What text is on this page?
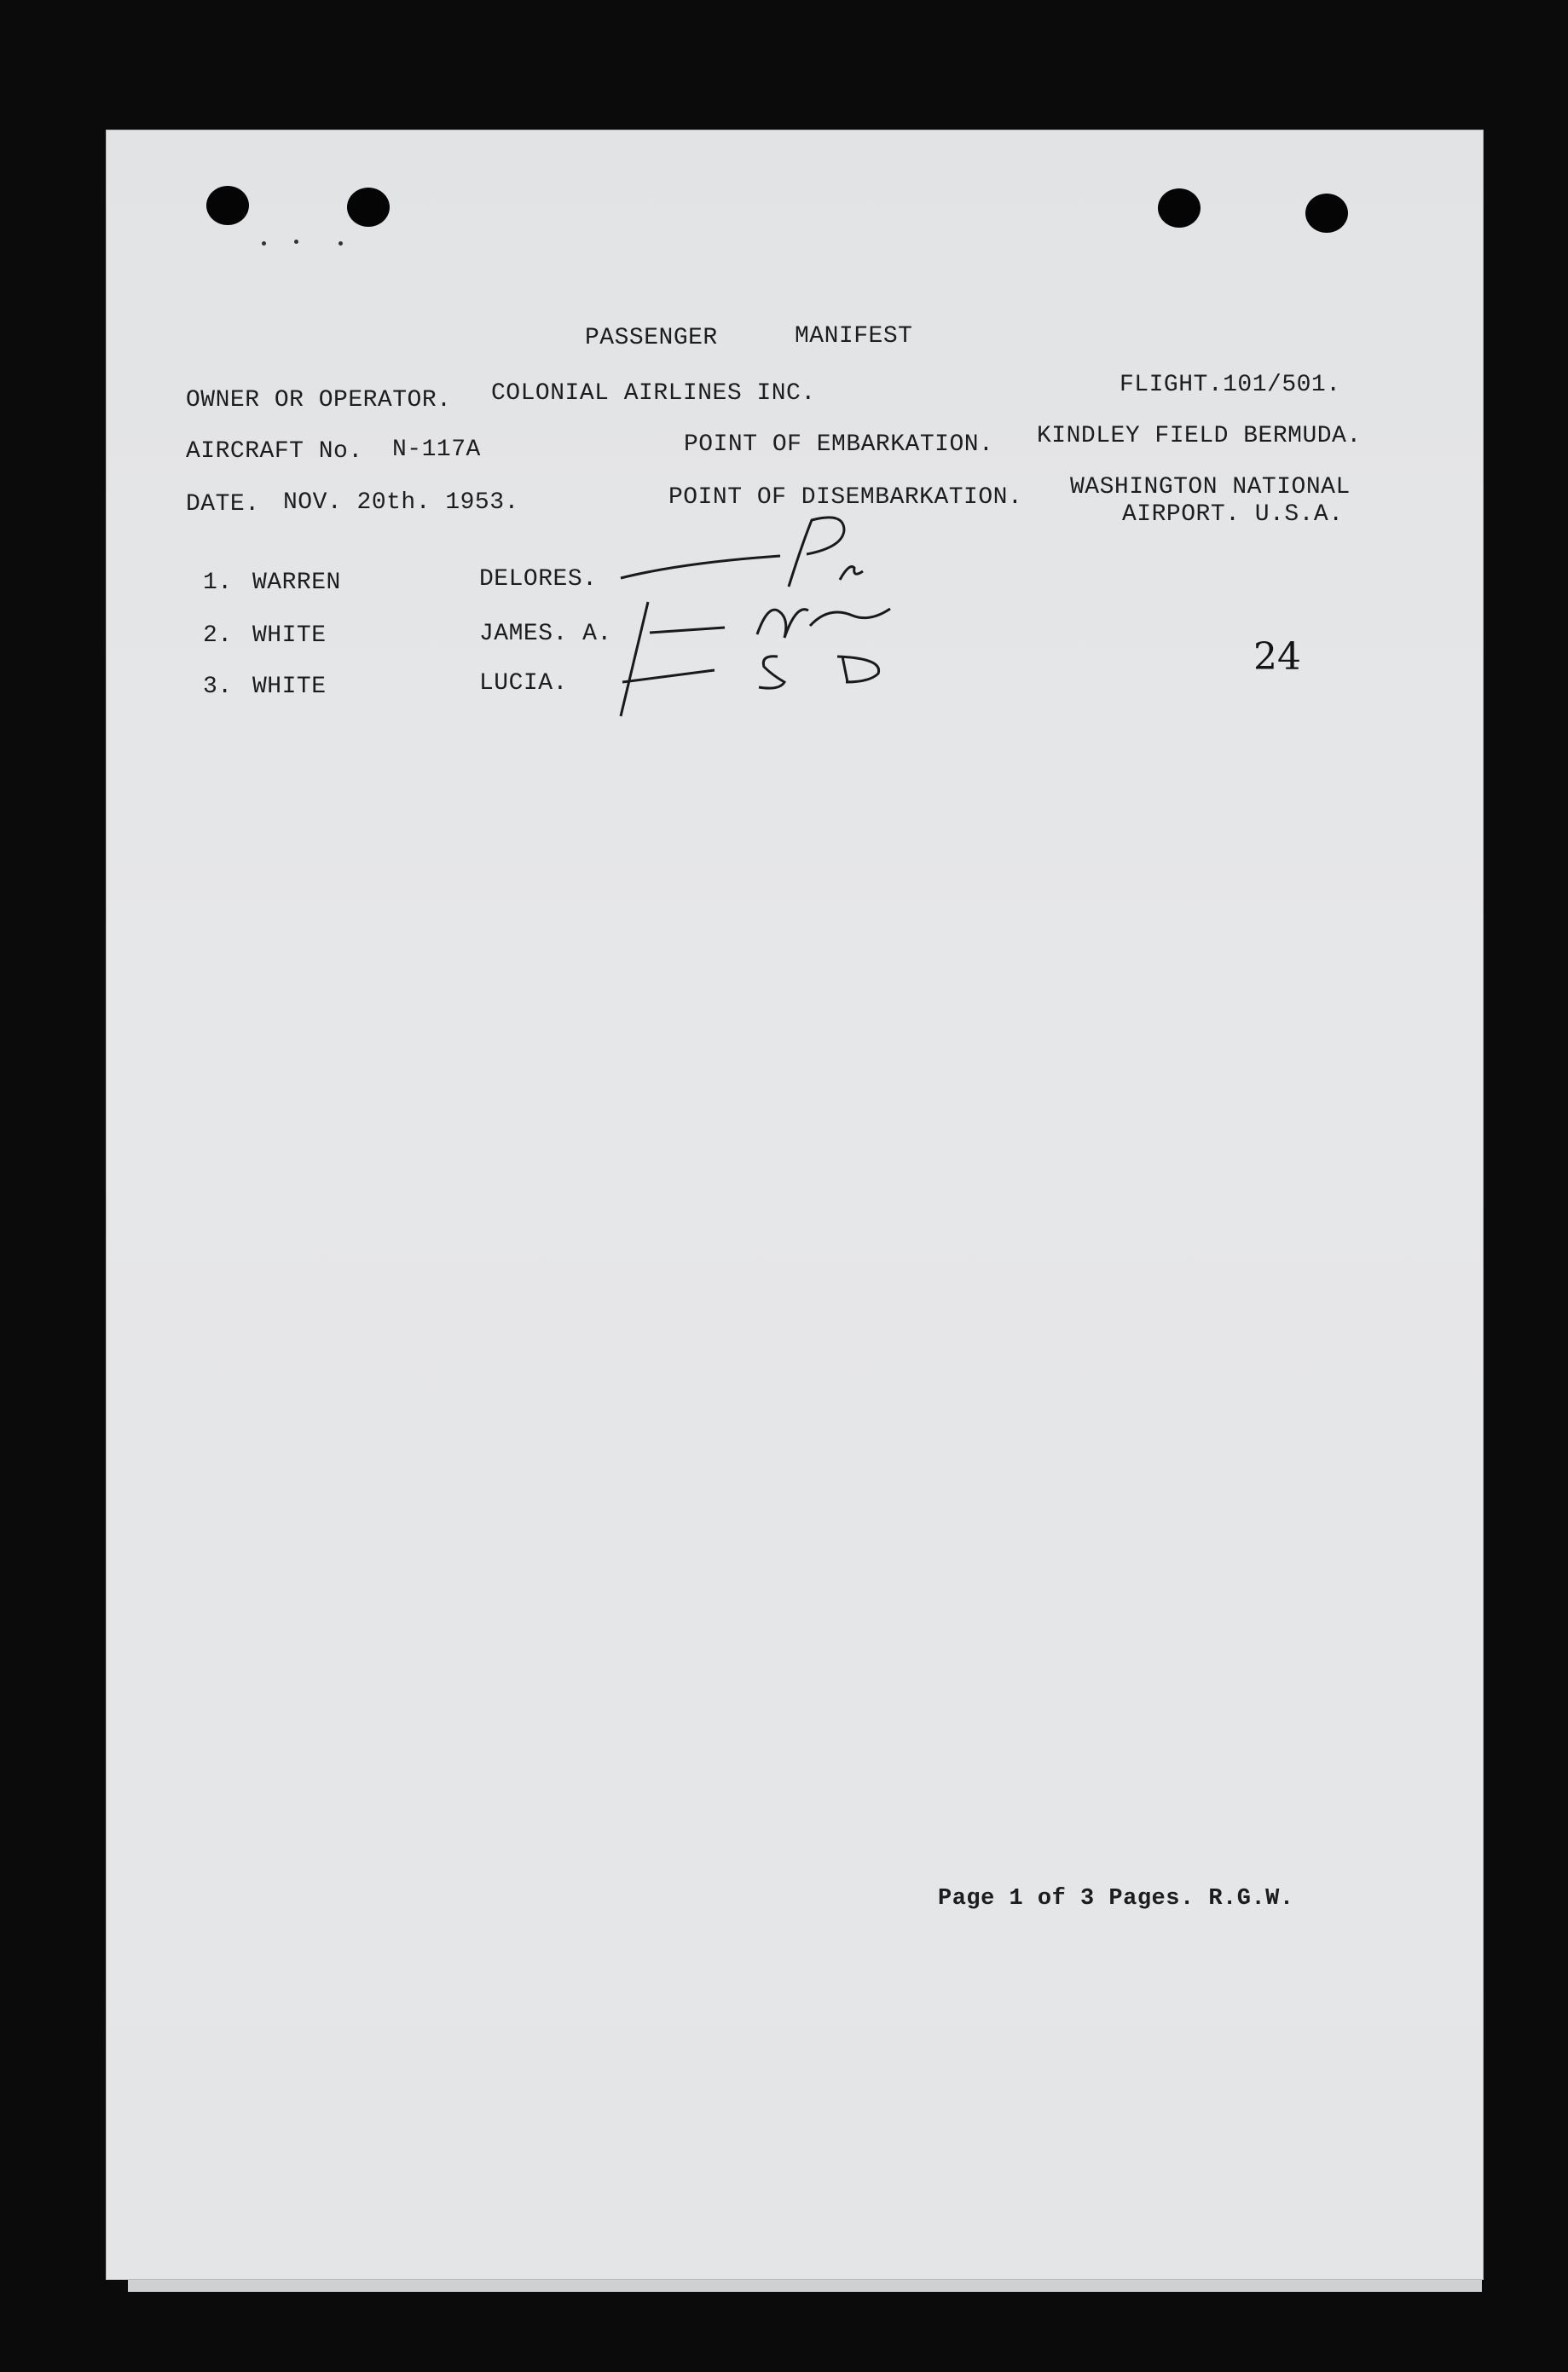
PASSENGER	MANIFEST
OWNER OR OPERATOR. COLONIAL AIRLINES INC.	FLIGHT.101/501.
AIRCRAFT No. N-117A	POINT OF EMBARKATION. KINDLEY FIELD BERMUDA.
DATE. NOV. 20th. 1953.	POINT OF DISEMBARKATION. WASHINGTON NATIONAL
AIRPORT. U.S.A.
1. WARREN	DELORES.
2. WHITE	JAMES. A.
3. WHITE	LUCIA.
24
Page 1 of 3 Pages. R.G.W.
